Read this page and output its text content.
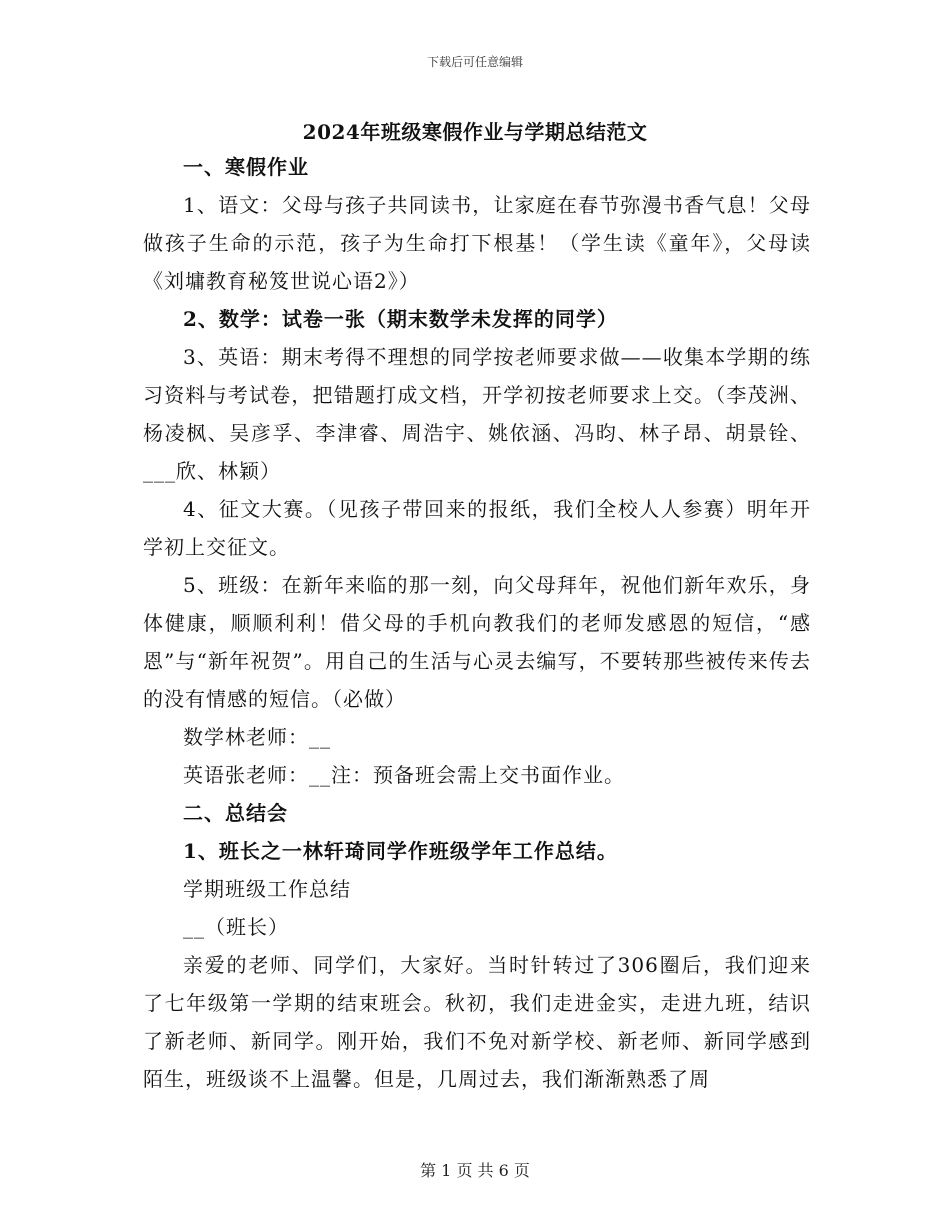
下载后可任意编辑
2024年班级寒假作业与学期总结范文

一、寒假作业

1、语文：父母与孩子共同读书，让家庭在春节弥漫书香气息！父母做孩子生命的示范，孩子为生命打下根基！（学生读《童年》，父母读《刘墉教育秘笈世说心语2》）

2、数学：试卷一张（期末数学未发挥的同学）

3、英语：期末考得不理想的同学按老师要求做——收集本学期的练习资料与考试卷，把错题打成文档，开学初按老师要求上交。（李茂洲、杨凌枫、吴彦孚、李津睿、周浩宇、姚依涵、冯昀、林子昂、胡景铨、___欣、林颖）

4、征文大赛。（见孩子带回来的报纸，我们全校人人参赛）明年开学初上交征文。

5、班级：在新年来临的那一刻，向父母拜年，祝他们新年欢乐，身体健康，顺顺利利！借父母的手机向教我们的老师发感恩的短信，“感恩”与“新年祝贺”。用自己的生活与心灵去编写，不要转那些被传来传去的没有情感的短信。（必做）

数学林老师：__

英语张老师：__注：预备班会需上交书面作业。

二、总结会

1、班长之一林轩琦同学作班级学年工作总结。

学期班级工作总结

__（班长）

亲爱的老师、同学们，大家好。当时针转过了306圈后，我们迎来了七年级第一学期的结束班会。秋初，我们走进金实，走进九班，结识了新老师、新同学。刚开始，我们不免对新学校、新老师、新同学感到陌生，班级谈不上温馨。但是，几周过去，我们渐渐熟悉了周

第 1 页 共 6 页
